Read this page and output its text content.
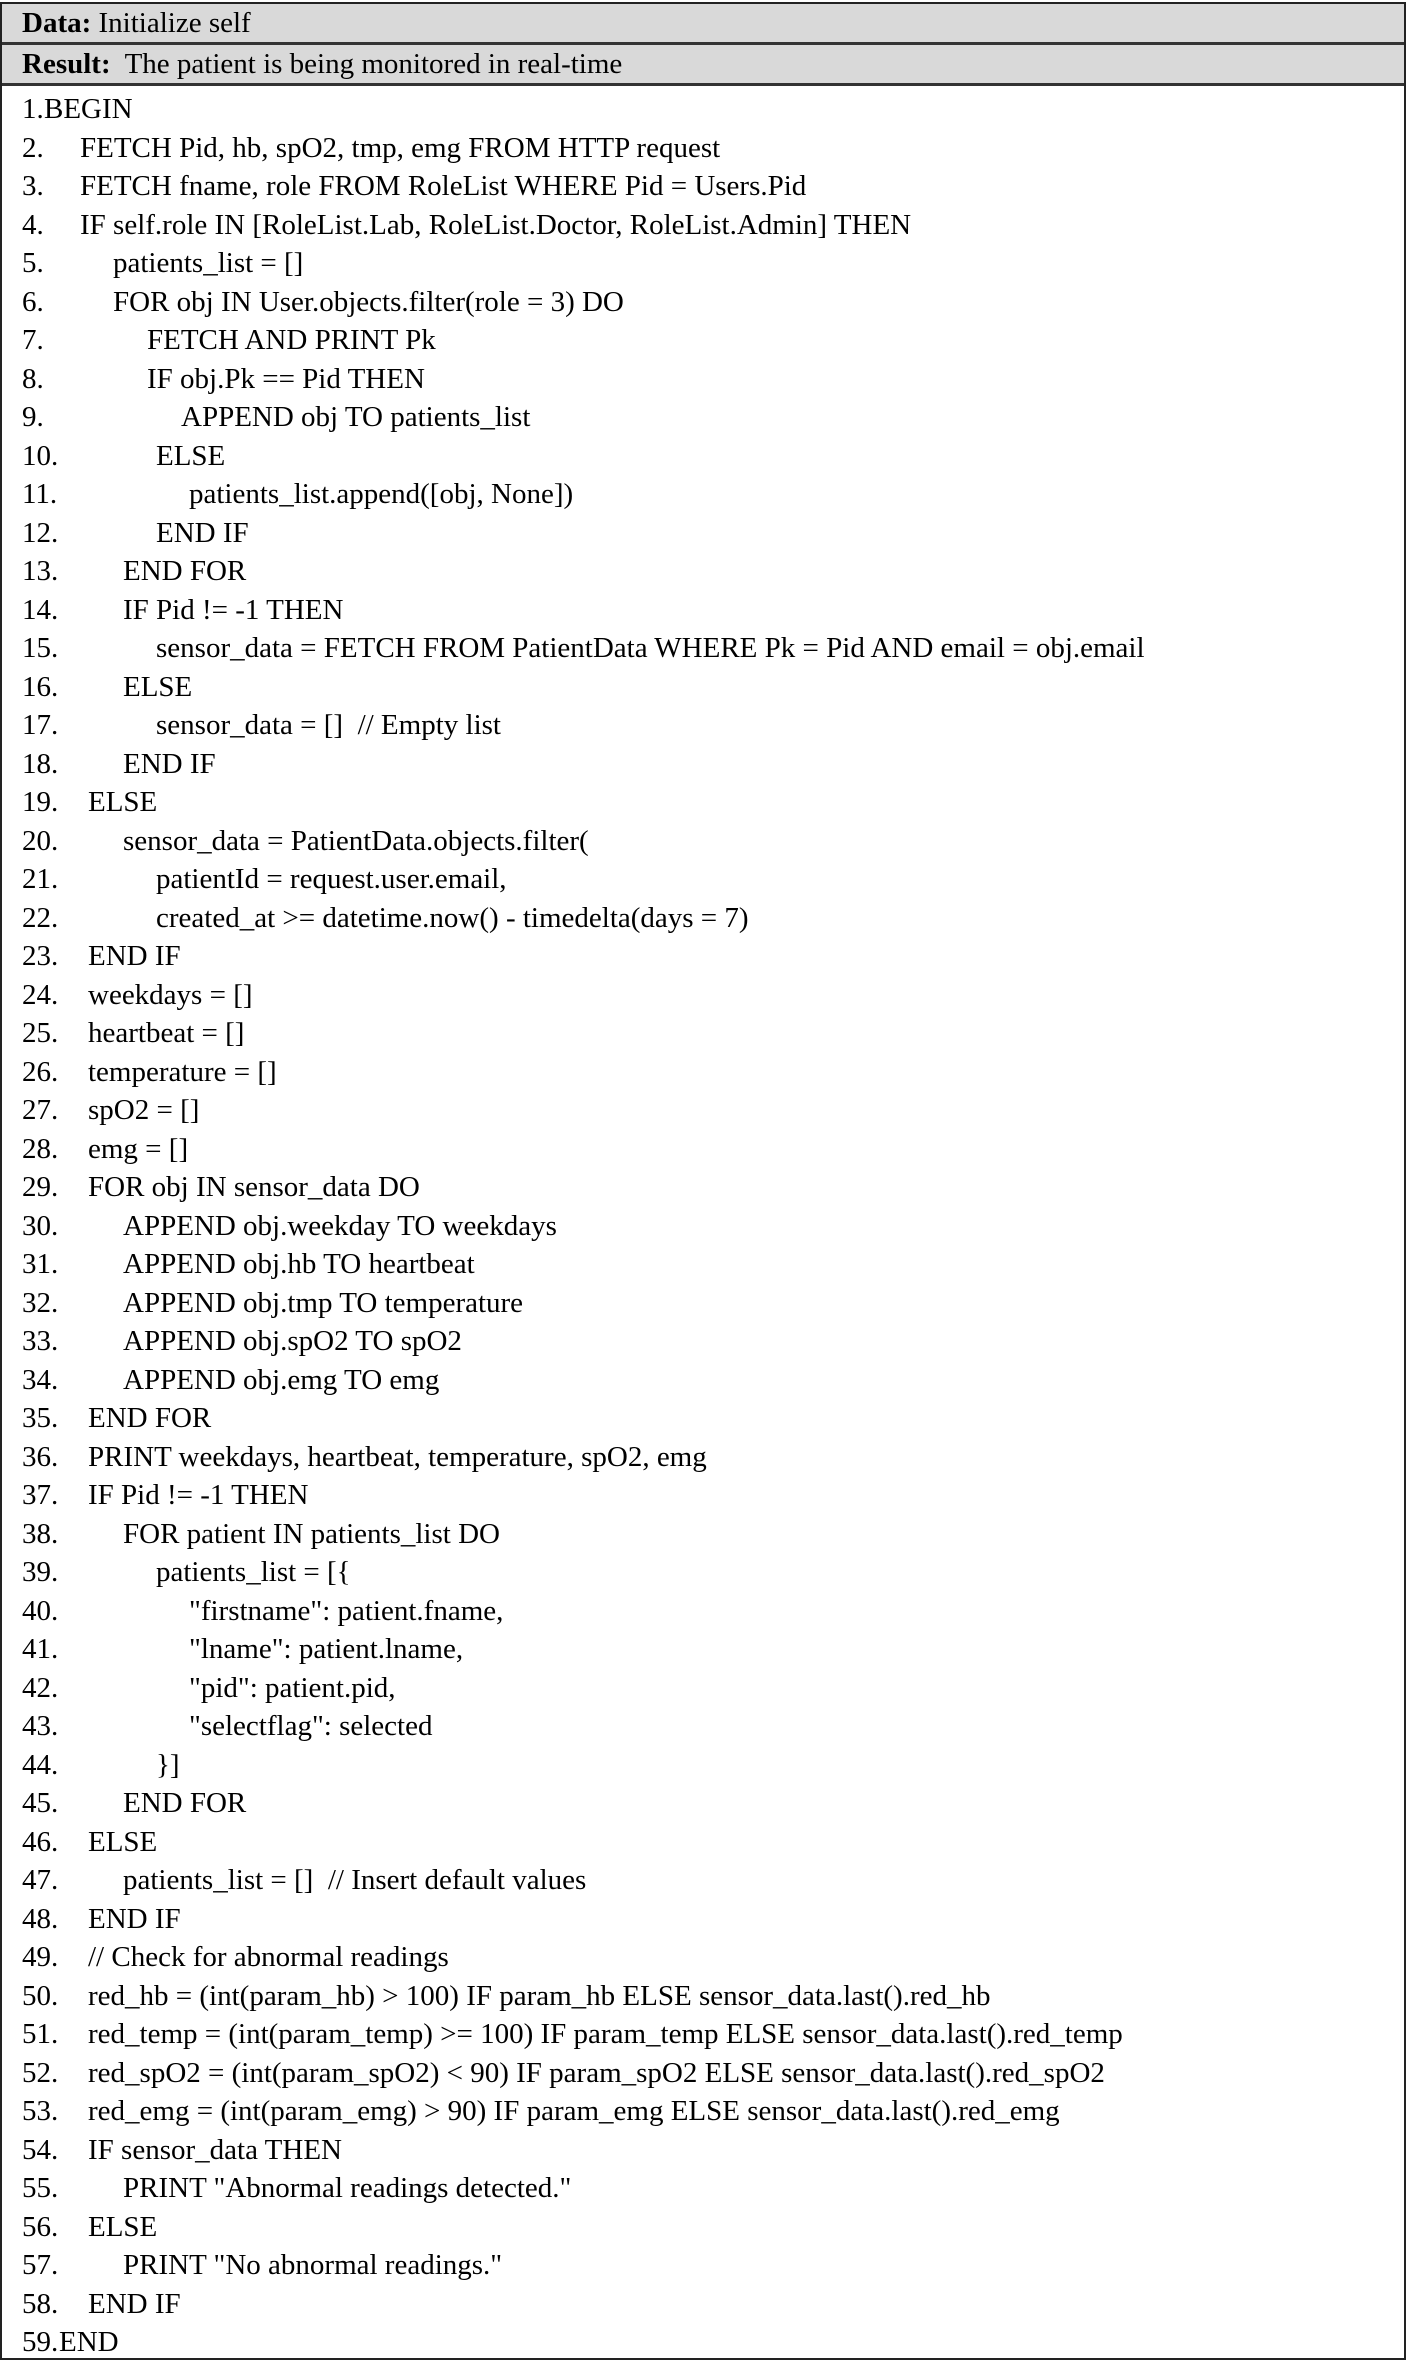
Data: Initialize self
Result: The patient is being monitored in real-time
1. BEGIN
2. FETCH Pid, hb, spO2, tmp, emg FROM HTTP request
3. FETCH fname, role FROM RoleList WHERE Pid = Users.Pid
4. IF self.role IN [RoleList.Lab, RoleList.Doctor, RoleList.Admin] THEN
5. patients_list = []
6. FOR obj IN User.objects.filter(role = 3) DO
7.	FETCH AND PRINT Pk
8.	IF obj.Pk == Pid THEN
9.	APPEND obj TO patients_list
10.	ELSE
11.	patients_list.append([obj, None])
12.	END IF
13. END FOR
14. IF Pid != -1 THEN
15.	sensor_data = FETCH FROM PatientData WHERE Pk = Pid AND email = obj.email
16. ELSE
17.	sensor_data = []  // Empty list
18. END IF
19. ELSE
20. sensor_data = PatientData.objects.filter(
21.	patientId = request.user.email,
22.	created_at >= datetime.now() - timedelta(days = 7)
23. END IF
24. weekdays = []
25. heartbeat = []
26. temperature = []
27. spO2 = []
28. emg = []
29. FOR obj IN sensor_data DO
30. APPEND obj.weekday TO weekdays
31. APPEND obj.hb TO heartbeat
32. APPEND obj.tmp TO temperature
33. APPEND obj.spO2 TO spO2
34. APPEND obj.emg TO emg
35. END FOR
36. PRINT weekdays, heartbeat, temperature, spO2, emg
37. IF Pid != -1 THEN
38. FOR patient IN patients_list DO
39.	patients_list = [{
40.	"firstname": patient.fname,
41.	"lname": patient.lname,
42.	"pid": patient.pid,
43.	"selectflag": selected
44.	}]
45. END FOR
46. ELSE
47. patients_list = []  // Insert default values
48. END IF
49. // Check for abnormal readings
50. red_hb = (int(param_hb) > 100) IF param_hb ELSE sensor_data.last().red_hb
51. red_temp = (int(param_temp) >= 100) IF param_temp ELSE sensor_data.last().red_temp
52. red_spO2 = (int(param_spO2) < 90) IF param_spO2 ELSE sensor_data.last().red_spO2
53. red_emg = (int(param_emg) > 90) IF param_emg ELSE sensor_data.last().red_emg
54. IF sensor_data THEN
55. PRINT "Abnormal readings detected."
56. ELSE
57. PRINT "No abnormal readings."
58. END IF
59. END
